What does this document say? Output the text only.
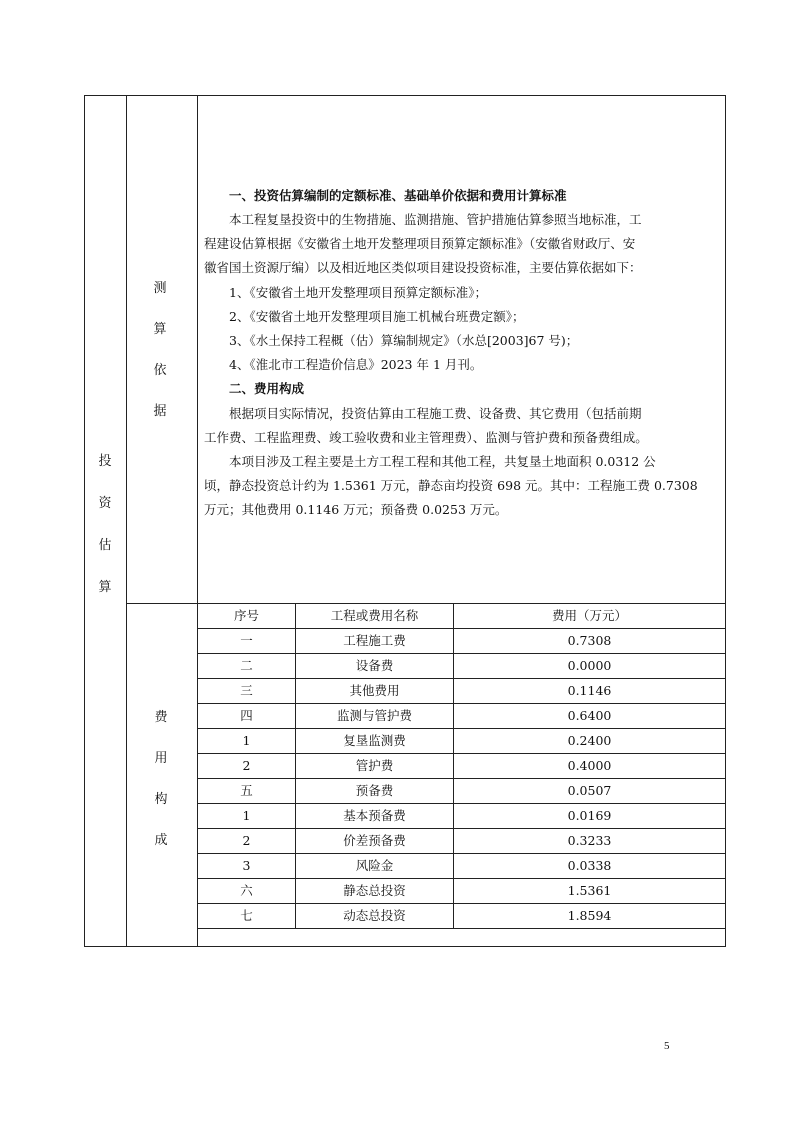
投
资
估
算
测
算
依
据
费
用
构
成

一、投资估算编制的定额标准、基础单价依据和费用计算标准

本工程复垦投资中的生物措施、监测措施、管护措施估算参照当地标准，工

程建设估算根据《安徽省土地开发整理项目预算定额标准》（安徽省财政厅、安

徽省国土资源厅编）以及相近地区类似项目建设投资标准，主要估算依据如下：

1、《安徽省土地开发整理项目预算定额标准》；

2、《安徽省土地开发整理项目施工机械台班费定额》；

3、《水土保持工程概（估）算编制规定》（水总[2003]67 号)；

4、《淮北市工程造价信息》2023 年 1 月刊。

二、费用构成

根据项目实际情况，投资估算由工程施工费、设备费、其它费用（包括前期

工作费、工程监理费、竣工验收费和业主管理费）、监测与管护费和预备费组成。

本项目涉及工程主要是土方工程工程和其他工程，共复垦土地面积 0.0312 公

顷，静态投资总计约为 1.5361 万元，静态亩均投资 698 元。其中：工程施工费 0.7308

万元；其他费用 0.1146 万元；预备费 0.0253 万元。

序号	工程或费用名称	费用（万元）
一	工程施工费	0.7308
二	设备费	0.0000
三	其他费用	0.1146
四	监测与管护费	0.6400
1	复垦监测费	0.2400
2	管护费	0.4000
五	预备费	0.0507
1	基本预备费	0.0169
2	价差预备费	0.3233
3	风险金	0.0338
六	静态总投资	1.5361
七	动态总投资	1.8594
5
